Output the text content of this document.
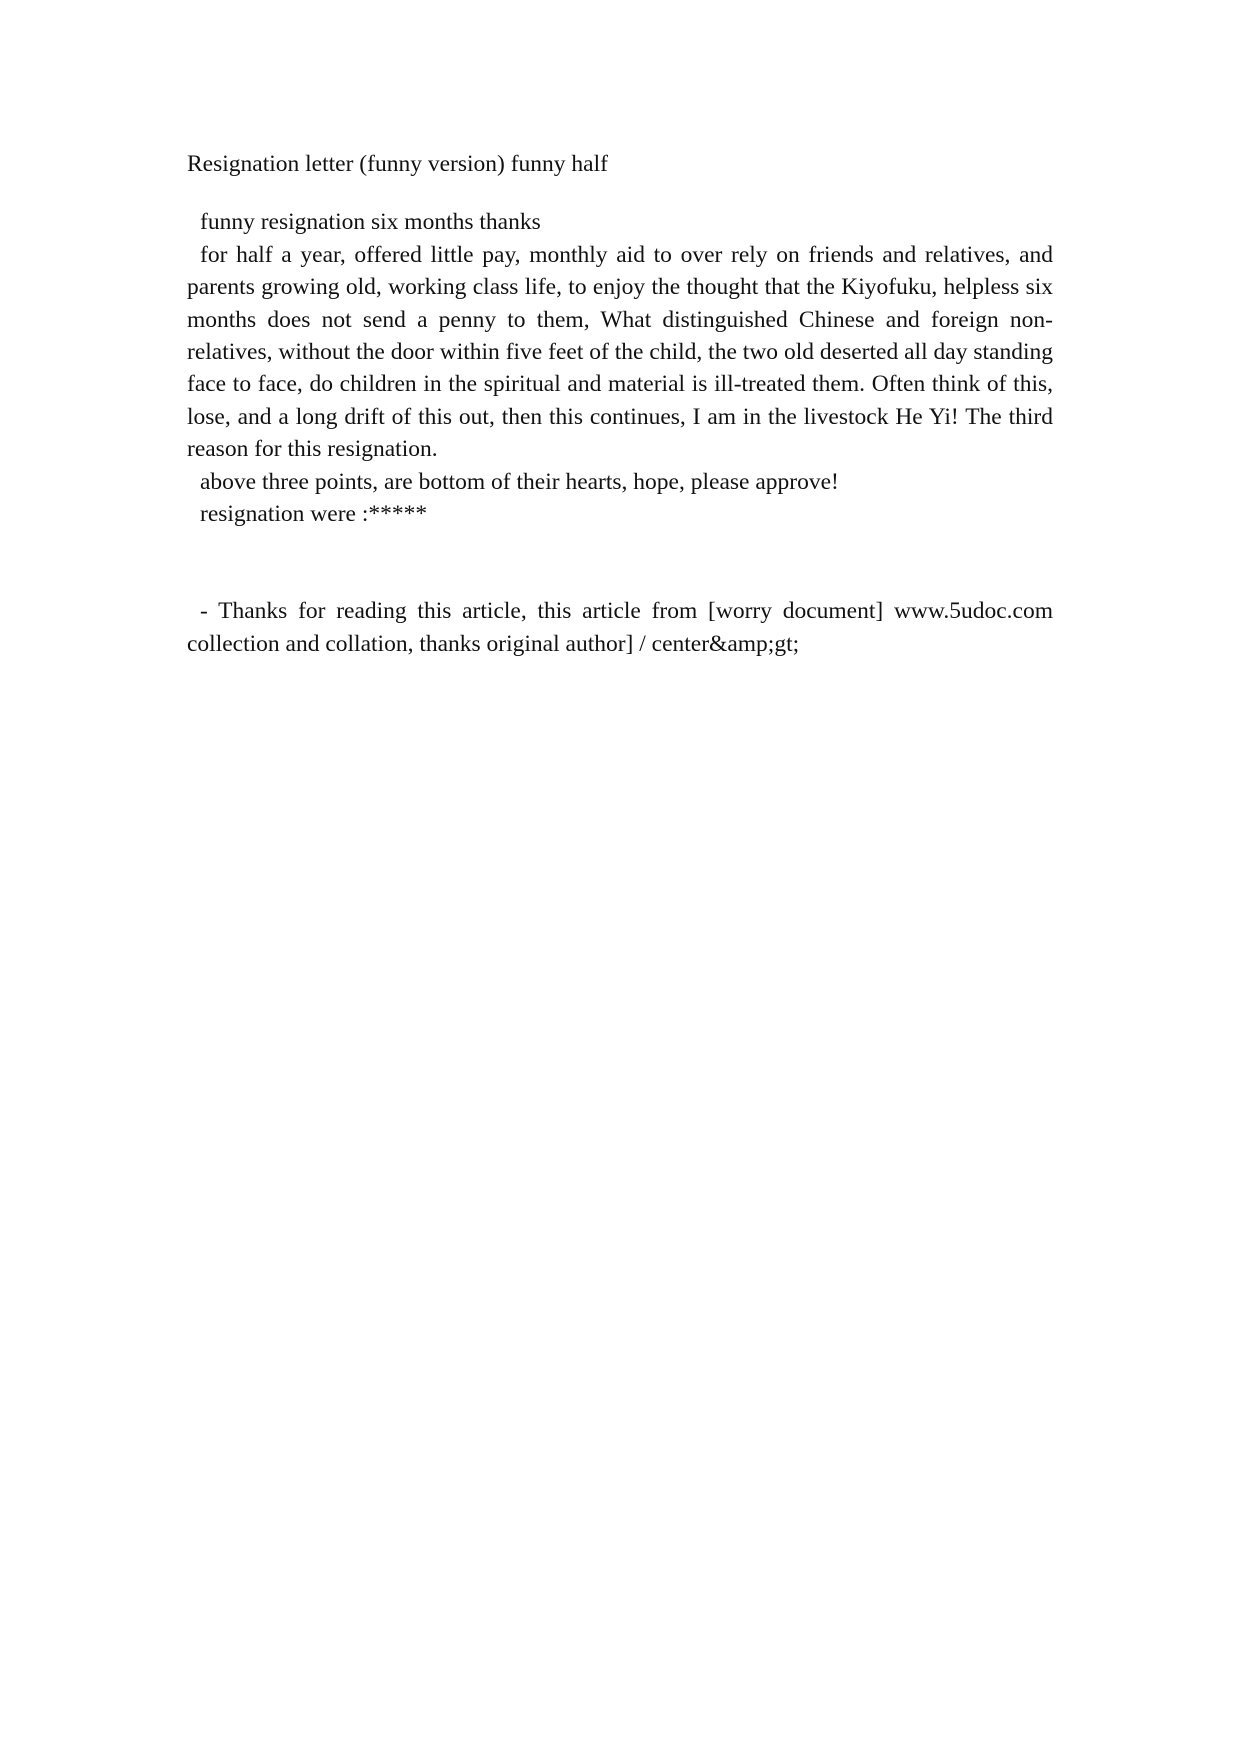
Resignation letter (funny version) funny half

funny resignation six months thanks

for half a year, offered little pay, monthly aid to over rely on friends and relatives, and parents growing old, working class life, to enjoy the thought that the Kiyofuku, helpless six months does not send a penny to them, What distinguished Chinese and foreign non-relatives, without the door within five feet of the child, the two old deserted all day standing face to face, do children in the spiritual and material is ill-treated them. Often think of this, lose, and a long drift of this out, then this continues, I am in the livestock He Yi! The third reason for this resignation.

above three points, are bottom of their hearts, hope, please approve!

resignation were :*****

- Thanks for reading this article, this article from [worry document] www.5udoc.com collection and collation, thanks original author] / center&amp;gt;
